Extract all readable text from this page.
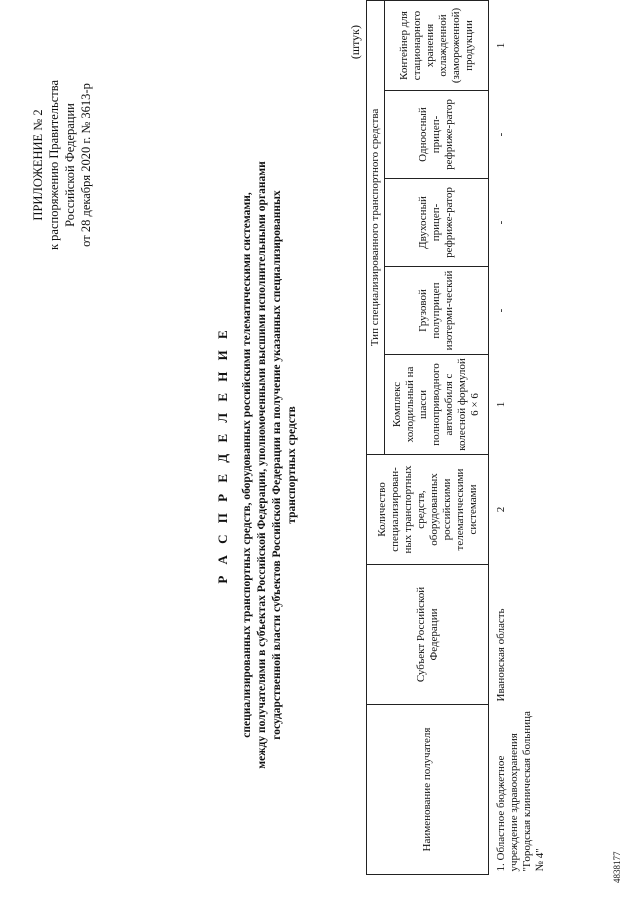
ПРИЛОЖЕНИЕ № 2 к распоряжению Правительства Российской Федерации от 28 декабря 2020 г. № 3613-р
Р А С П Р Е Д Е Л Е Н И Е специализированных транспортных средств, оборудованных российскими телематическими системами, между получателями в субъектах Российской Федерации, уполномоченными высшими исполнительными органами государственной власти субъектов Российской Федерации на получение указанных специализированных транспортных средств
(штук)
Наименование получателя	Субъект Российской Федерации	Количество специализирован-ных транспортных средств, оборудованных российскими телематическими системами	Тип специализированного транспортного средства				
			Комплекс холодильный на шасси полноприводного автомобиля с колесной формулой 6 × 6	Грузовой полуприцеп изотерми-ческий	Двухосный прицеп-рефриже-ратор	Одноосный прицеп-рефриже-ратор	Контейнер для стационарного хранения охлажденной (замороженной) продукции
1. Областное бюджетное учреждение здравоохранения "Городская клиническая больница № 4"	Ивановская область	2	1	-	-	-	1
4838177
